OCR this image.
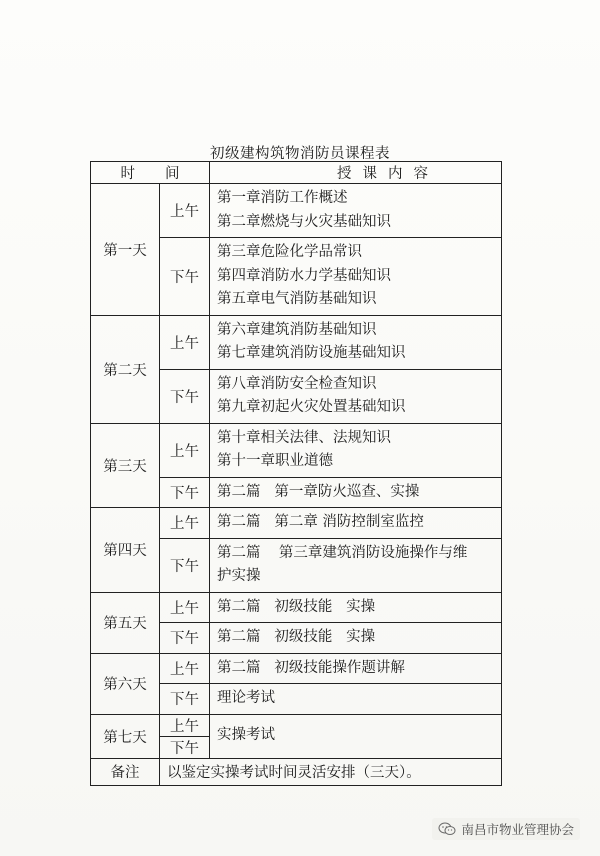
初级建构筑物消防员课程表
时 间		授 课 内 容
第一天	上午	第一章消防工作概述
第二章燃烧与火灾基础知识

	下午	第三章危险化学品常识
第四章消防水力学基础知识
第五章电气消防基础知识

第二天	上午	第六章建筑消防基础知识
第七章建筑消防设施基础知识

	下午	第八章消防安全检查知识
第九章初起火灾处置基础知识

第三天	上午	第十章相关法律、法规知识
第十一章职业道德

	下午	第二篇   第一章防火巡查、实操

第四天	上午	第二篇   第二章 消防控制室监控

	下午	第二篇    第三章建筑消防设施操作与维
护实操

第五天	上午	第二篇   初级技能   实操

	下午	第二篇   初级技能   实操

第六天	上午	第二篇   初级技能操作题讲解

	下午	理论考试

第七天	上午	实操考试

	下午	
备注	以鉴定实操考试时间灵活安排（三天）。	
南昌市物业管理协会
